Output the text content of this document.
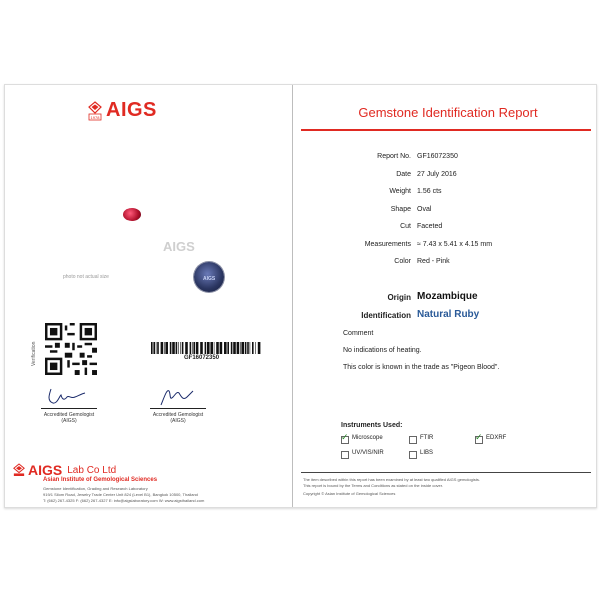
1978 AIGS
AIGS
photo not actual size	AIGS
Verification	GF16072350
Accredited Gemologist
(AIGS)
Accredited Gemologist
(AIGS)
AIGS Lab Co Ltd
Asian Institute of Gemological Sciences
Gemstone Identification, Grading and Research Laboratory
919/1 Silom Road, Jewelry Trade Center Unit 824 (Level B1), Bangkok 10500, Thailand
T: (662) 267-4325 F: (662) 267-4327 E: info@aigslaboratory.com W: www.aigsthailand.com
Gemstone Identification Report
Report No. GF16072350
Date 27 July 2016
Weight 1.56 cts
Shape Oval
Cut Faceted
Measurements ≈ 7.43 x 5.41 x 4.15 mm
Color Red - Pink
Origin Mozambique
Identification Natural Ruby
Comment
No indications of heating.
This color is known in the trade as "Pigeon Blood".
Instruments Used:
✓ Microscope	FTIR	✓ EDXRF
UV/VIS/NIR	LIBS
The item described within this report has been examined by at least two qualified AIGS gemologists.
This report is bound by the Terms and Conditions as stated on the inside cover.
Copyright © Asian Institute of Gemological Sciences
